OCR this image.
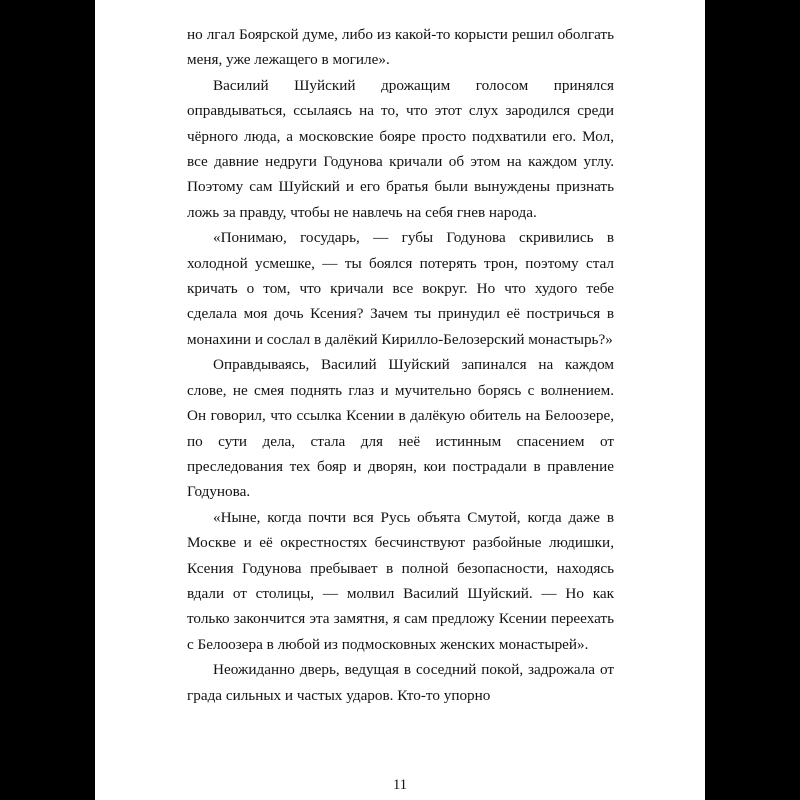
но лгал Боярской думе, либо из какой-то корысти решил оболгать меня, уже лежащего в могиле».

Василий Шуйский дрожащим голосом принялся оправдываться, ссылаясь на то, что этот слух зародился среди чёрного люда, а московские бояре просто подхватили его. Мол, все давние недруги Годунова кричали об этом на каждом углу. Поэтому сам Шуйский и его братья были вынуждены признать ложь за правду, чтобы не навлечь на себя гнев народа.

«Понимаю, государь, — губы Годунова скривились в холодной усмешке, — ты боялся потерять трон, поэтому стал кричать о том, что кричали все вокруг. Но что худого тебе сделала моя дочь Ксения? Зачем ты принудил её постричься в монахини и сослал в далёкий Кирилло-Белозерский монастырь?»

Оправдываясь, Василий Шуйский запинался на каждом слове, не смея поднять глаз и мучительно борясь с волнением. Он говорил, что ссылка Ксении в далёкую обитель на Белоозере, по сути дела, стала для неё истинным спасением от преследования тех бояр и дворян, кои пострадали в правление Годунова.

«Ныне, когда почти вся Русь объята Смутой, когда даже в Москве и её окрестностях бесчинствуют разбойные людишки, Ксения Годунова пребывает в полной безопасности, находясь вдали от столицы, — молвил Василий Шуйский. — Но как только закончится эта замятня, я сам предложу Ксении переехать с Белоозера в любой из подмосковных женских монастырей».

Неожиданно дверь, ведущая в соседний покой, задрожала от града сильных и частых ударов. Кто-то упорно

11
